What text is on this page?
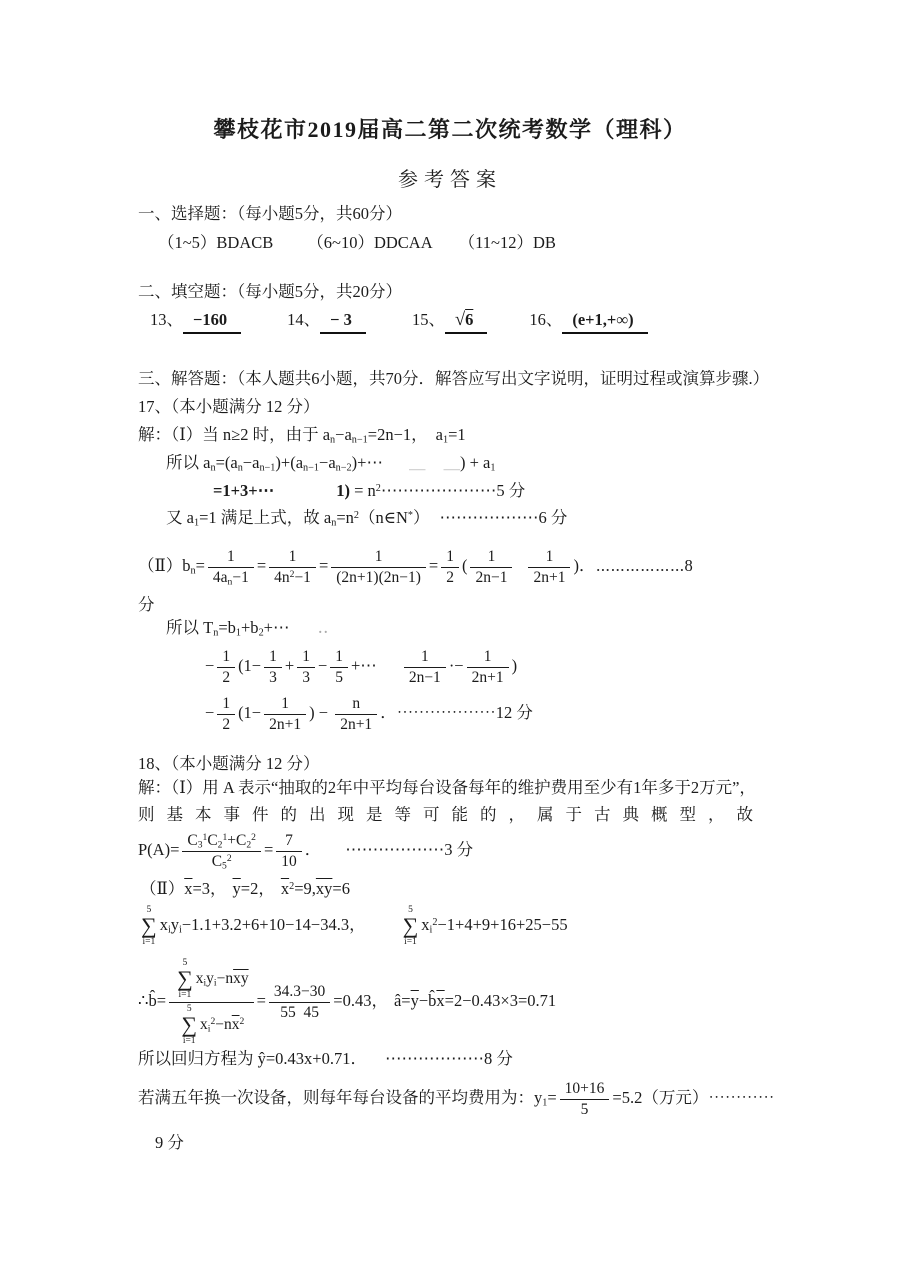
攀枝花市2019届高二第二次统考数学（理科）
参考答案
一、选择题：（每小题5分，共60分）
（1~5）BDACB （6~10）DDCAA （11~12）DB
二、填空题：（每小题5分，共20分）
13、 −160	14、 − 3	15、 √6	16、 (e+1,+∞)
三、解答题：（本人题共6小题，共70分．解答应写出文字说明，证明过程或演算步骤.）
17、（本小题满分 12 分）
解：（Ⅰ）当 n≥2 时，由于 $a_n-a_{n-1}=2n-1$， $a_1=1$
所以 $a_n=(a_n-a_{n-1})+(a_{n-1}-a_{n-2})+\cdots$ ＿ ＿) + $a_1$
=1+3+⋯	$1) = n^2\cdots\cdots\cdots\cdots\cdots\cdots\cdots 5$ 分
又 $a_1=1$ 满足上式，故 $a_n=n^2(n\in N^*)$ ⋯⋯⋯⋯⋯⋯6 分
$(Ⅱ)b_n= \frac{1}{4a_n-1} = \frac{1}{4n^2-1} = \frac{1}{(2n+1)(2n-1)} = \frac{1}{2}$ ( $\frac{1}{2n-1} \frac{1}{2n+1}$ )．⋯⋯⋯⋯⋯⋯8
分
所以 $T_n=b_1+b_2+\cdots$ ‥
− $\frac{1}{2} (1- \frac{1}{3} + \frac{1}{3} - \frac{1}{5}$ +⋯ $\frac{1}{2n-1} \cdot- \frac{1}{2n+1}$ )
− $\frac{1}{2} (1- \frac{1}{2n+1}$ ) − $\frac{n}{2n+1}$ ．⋯⋯⋯⋯⋯⋯12 分
18、（本小题满分 12 分）
解：（Ⅰ）用 A 表示“抽取的2年中平均每台设备每年的维护费用至少有1年多于2万元”，
则基本事件的出现是等可能的，属于古典概型，故
$P(A)= \frac{C_3^1C_2^1+C_2^2}{C_5^2} = \frac{7}{10}$ ． ⋯⋯⋯⋯⋯⋯3 分
$(Ⅱ)\overline{x}=3$， $\overline{y}=2$， $\overline{x}^2=9,\overline{xy}=6$
5
∑
i=1
$x_iy_i-1.1+3.2+6+10-14-34.3$，
5
∑
i=1
$x_i^2-1+4+9+16+25-55$
∴b̂= 5
∑
i=1
$x_iy_i-n\overline{xy}$
5
∑
i=1
$x_i^2-n\overline{x}^2 = \frac{34.3-30}{55 45} =0.43$， $â=\overline{y}-b̂\overline{x}=2-0.43\times 3=0.71$
所以回归方程为 ŷ=0.43x+0.71． ⋯⋯⋯⋯⋯⋯8 分
若满五年换一次设备，则每年每台设备的平均费用为：$y_1= \frac{10+16}{5} =5.2$（万元）⋯⋯⋯⋯
9 分
